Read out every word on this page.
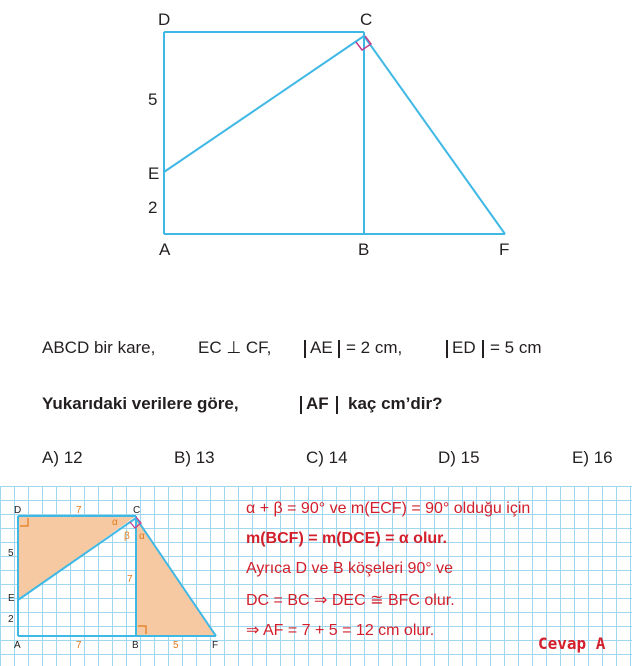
D	C
5
E
2
A	B	F
ABCD bir kare,	EC ⊥ CF, AE = 2 cm,	ED = 5 cm
Yukarıdaki verilere göre,	AF kaç cm’dir?
A) 12	B) 13	C) 14	D) 15	E) 16
D	C
5
E
2
A	B	F
7
7	5
7
α
β α
α + β = 90° ve m(ECF) = 90° olduğu için
m(BCF) = m(DCE) = α olur.
Ayrıca D ve B köşeleri 90° ve
DC = BC ⇒ DEC ≅ BFC olur.
⇒ AF = 7 + 5 = 12 cm olur.
Cevap A
